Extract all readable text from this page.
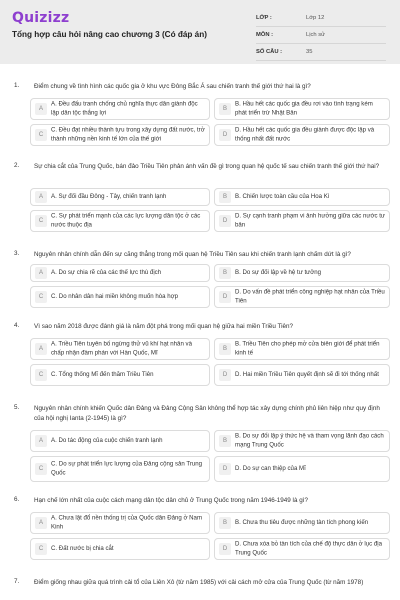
Quizizz
Tổng hợp câu hỏi nâng cao chương 3 (Có đáp án)
LỚP :	Lớp 12
MÔN :	Lịch sử
SỐ CÂU :	35
1. Điểm chung về tình hình các quốc gia ở khu vực Đông Bắc Á sau chiến tranh thế giới thứ hai là gì?
A
A. Đều đấu tranh chống chủ nghĩa thực dân giành độc lập dân tộc thắng lợi	B
B. Hầu hết các quốc gia đều rơi vào tình trạng kém phát triển trừ Nhật Bản
C
C. Đều đạt nhiều thành tựu trong xây dựng đất nước, trở thành những nền kinh tế lớn của thế giới	D
D. Hầu hết các quốc gia đều giành được độc lập và thống nhất đất nước
2. Sự chia cắt của Trung Quốc, bán đảo Triều Tiên phản ánh vấn đề gì trong quan hệ quốc tế sau chiến tranh thế giới thứ hai?
A	A. Sự đối đầu Đông - Tây, chiến tranh lạnh	B	B. Chiến lược toàn cầu của Hoa Kì
C
C. Sự phát triển mạnh của các lực lượng dân tộc ở các nước thuộc địa	D
D. Sự cạnh tranh phạm vi ảnh hưởng giữa các nước tư bản
3. Nguyên nhân chính dẫn đến sự căng thẳng trong mối quan hệ Triều Tiên sau khi chiến tranh lạnh chấm dứt là gì?
A	A. Do sự chia rẽ của các thế lực thù địch	B	B. Do sự đối lập về hệ tư tưởng
C	C. Do nhân dân hai miền không muốn hòa hợp	D
D. Do vấn đề phát triển công nghiệp hạt nhân của Triều Tiên
4. Vì sao năm 2018 được đánh giá là năm đột phá trong mối quan hệ giữa hai miền Triều Tiên?
A
A. Triều Tiên tuyên bố ngừng thử vũ khí hạt nhân và chấp nhận đàm phán với Hàn Quốc, Mĩ	B
B. Triều Tiên cho phép mở cửa biên giới để phát triển kinh tế
C	C. Tổng thống Mĩ đến thăm Triều Tiên	D	D. Hai miền Triều Tiên quyết định sẽ đi tới thống nhất
5. Nguyên nhân chính khiến Quốc dân Đảng và Đảng Cộng Sản không thể hợp tác xây dựng chính phủ liên hiệp như quy định của hội nghị Ianta (2-1945) là gì?
A	A. Do tác động của cuộc chiến tranh lạnh	B
B. Do sự đối lập ý thức hệ và tham vọng lãnh đạo cách mạng Trung Quốc
C
C. Do sự phát triển lực lượng của Đảng cộng sản Trung Quốc	D	D. Do sự can thiệp của Mĩ
6. Hạn chế lớn nhất của cuộc cách mạng dân tộc dân chủ ở Trung Quốc trong năm 1946-1949 là gì?
A
A. Chưa lật đổ nền thống trị của Quốc dân Đảng ở Nam Kinh	B	B. Chưa thu tiêu được những tàn tích phong kiến
C	C. Đất nước bị chia cắt	D
D. Chưa xóa bỏ tàn tích của chế độ thực dân ở lục địa Trung Quốc
7. Điểm giống nhau giữa quá trình cải tổ của Liên Xô (từ năm 1985) với cải cách mở cửa của Trung Quốc (từ năm 1978)
